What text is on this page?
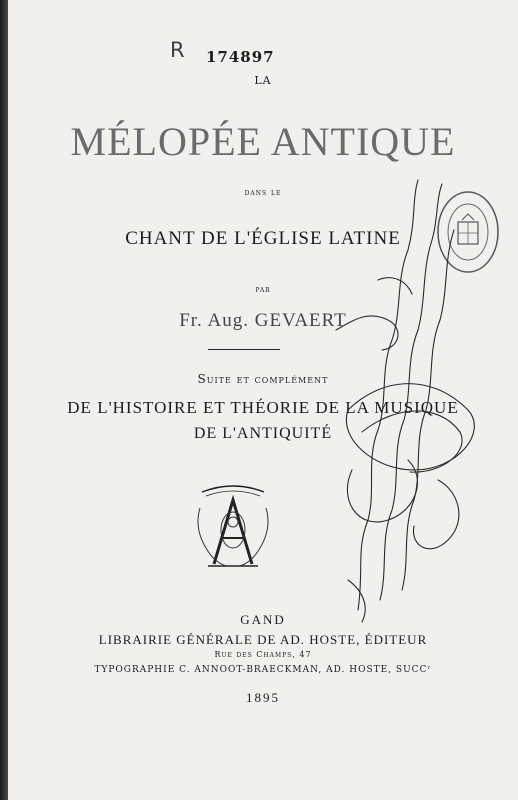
R 174897
LA
MÉLOPÉE ANTIQUE
dans le
CHANT DE L'ÉGLISE LATINE
par
Fr. Aug. GEVAERT
Suite et complément
DE L'HISTOIRE ET THÉORIE DE LA MUSIQUE
DE L'ANTIQUITÉ
GAND
LIBRAIRIE GÉNÉRALE DE AD. HOSTE, ÉDITEUR
Rue des Champs, 47
TYPOGRAPHIE C. ANNOOT-BRAECKMAN, AD. HOSTE, SUCCʳ
1895
